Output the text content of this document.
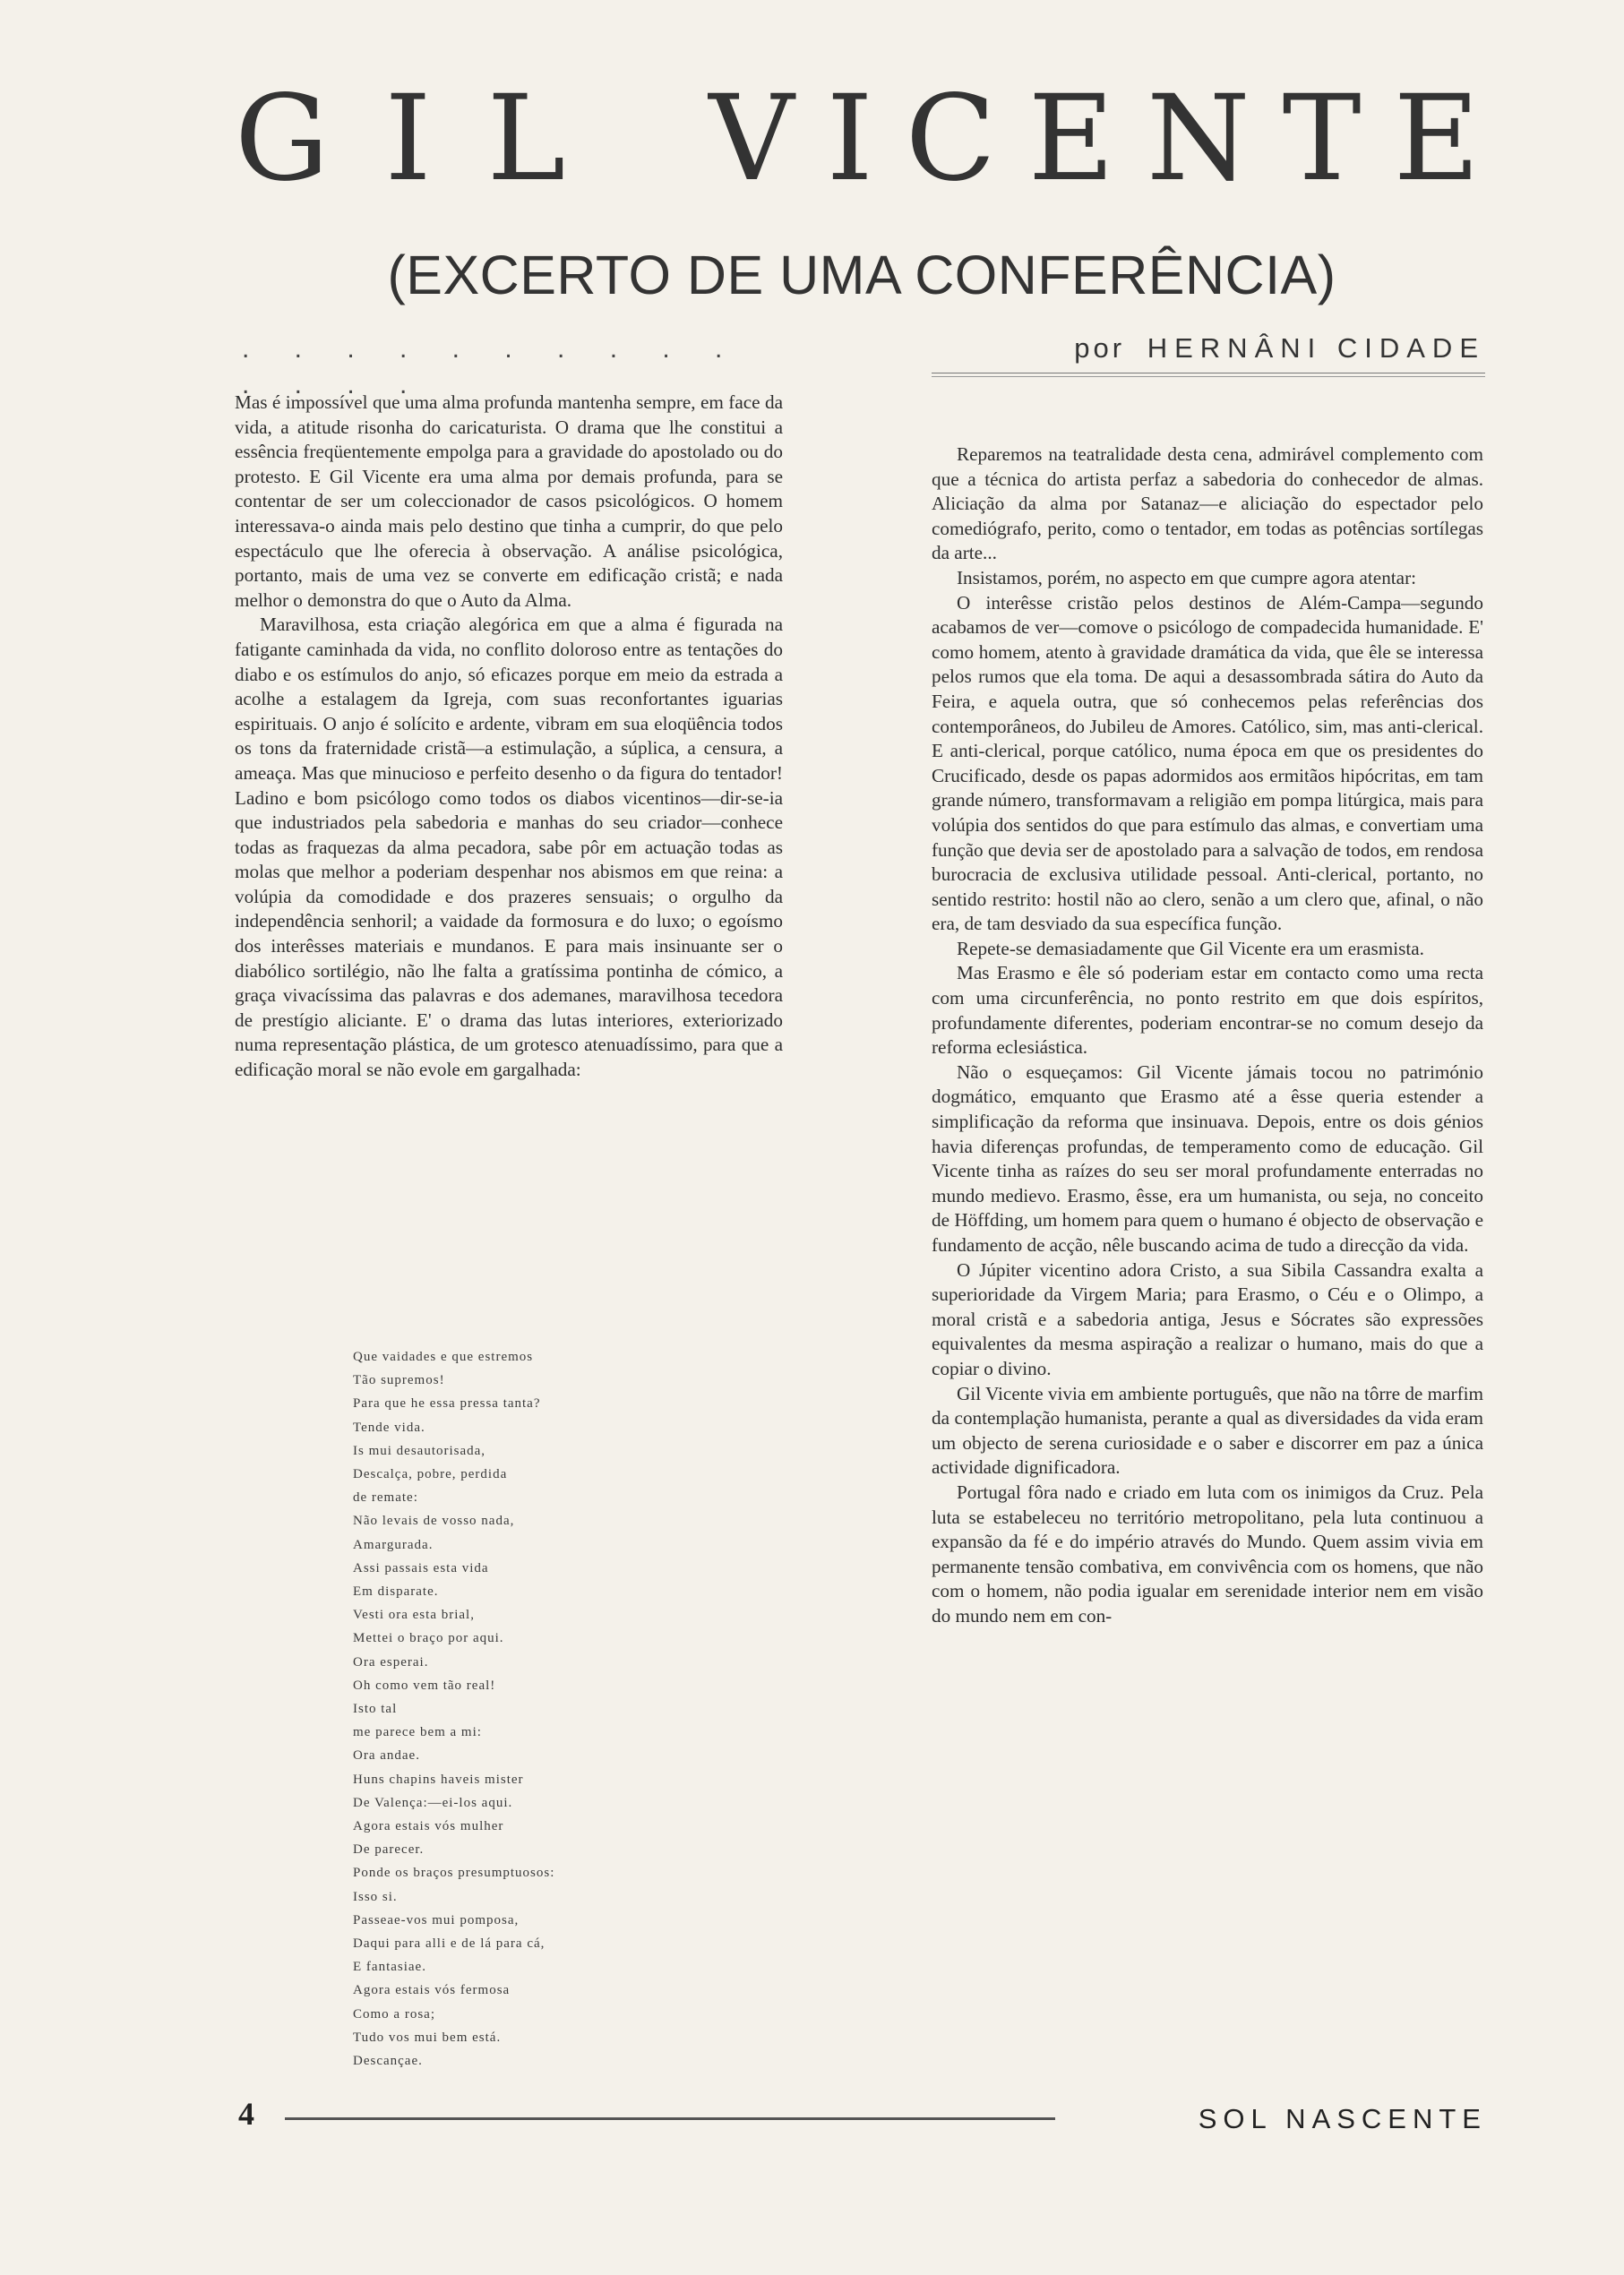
GIL VICENTE
(EXCERTO DE UMA CONFERÊNCIA)
. . . . . . . . . . . . . .
por HERNÂNI CIDADE

Mas é impossível que uma alma profunda mantenha sempre, em face da vida, a atitude risonha do caricaturista. O drama que lhe constitui a essência freqüentemente empolga para a gravidade do apostolado ou do protesto. E Gil Vicente era uma alma por demais profunda, para se contentar de ser um coleccionador de casos psicológicos. O homem interessava-o ainda mais pelo destino que tinha a cumprir, do que pelo espectáculo que lhe oferecia à observação. A análise psicológica, portanto, mais de uma vez se converte em edificação cristã; e nada melhor o demonstra do que o Auto da Alma.

Maravilhosa, esta criação alegórica em que a alma é figurada na fatigante caminhada da vida, no conflito doloroso entre as tentações do diabo e os estímulos do anjo, só eficazes porque em meio da estrada a acolhe a estalagem da Igreja, com suas reconfortantes iguarias espirituais. O anjo é solícito e ardente, vibram em sua eloqüência todos os tons da fraternidade cristã—a estimulação, a súplica, a censura, a ameaça. Mas que minucioso e perfeito desenho o da figura do tentador! Ladino e bom psicólogo como todos os diabos vicentinos—dir-se-ia que industriados pela sabedoria e manhas do seu criador—conhece todas as fraquezas da alma pecadora, sabe pôr em actuação todas as molas que melhor a poderiam despenhar nos abismos em que reina: a volúpia da comodidade e dos prazeres sensuais; o orgulho da independência senhoril; a vaidade da formosura e do luxo; o egoísmo dos interêsses materiais e mundanos. E para mais insinuante ser o diabólico sortilégio, não lhe falta a gratíssima pontinha de cómico, a graça vivacíssima das palavras e dos ademanes, maravilhosa tecedora de prestígio aliciante. E' o drama das lutas interiores, exteriorizado numa representação plástica, de um grotesco atenuadíssimo, para que a edificação moral se não evole em gargalhada:

Que vaidades e que estremos
Tão supremos!
Para que he essa pressa tanta?
Tende vida.
Is mui desautorisada,
Descalça, pobre, perdida
de remate:
Não levais de vosso nada,
Amargurada.
Assi passais esta vida
Em disparate.
Vesti ora esta brial,
Mettei o braço por aqui.
Ora esperai.
Oh como vem tão real!
Isto tal
me parece bem a mi:
Ora andae.
Huns chapins haveis mister
De Valença:—ei-los aqui.
Agora estais vós mulher
De parecer.
Ponde os braços presumptuosos:
Isso si.
Passeae-vos mui pomposa,
Daqui para alli e de lá para cá,
E fantasiae.
Agora estais vós fermosa
Como a rosa;
Tudo vos mui bem está.
Descançae.

Reparemos na teatralidade desta cena, admirável complemento com que a técnica do artista perfaz a sabedoria do conhecedor de almas. Aliciação da alma por Satanaz—e aliciação do espectador pelo comediógrafo, perito, como o tentador, em todas as potências sortílegas da arte...

Insistamos, porém, no aspecto em que cumpre agora atentar:

O interêsse cristão pelos destinos de Além-Campa—segundo acabamos de ver—comove o psicólogo de compadecida humanidade. E' como homem, atento à gravidade dramática da vida, que êle se interessa pelos rumos que ela toma. De aqui a desassombrada sátira do Auto da Feira, e aquela outra, que só conhecemos pelas referências dos contemporâneos, do Jubileu de Amores. Católico, sim, mas anti-clerical. E anti-clerical, porque católico, numa época em que os presidentes do Crucificado, desde os papas adormidos aos ermitãos hipócritas, em tam grande número, transformavam a religião em pompa litúrgica, mais para volúpia dos sentidos do que para estímulo das almas, e convertiam uma função que devia ser de apostolado para a salvação de todos, em rendosa burocracia de exclusiva utilidade pessoal. Anti-clerical, portanto, no sentido restrito: hostil não ao clero, senão a um clero que, afinal, o não era, de tam desviado da sua específica função.

Repete-se demasiadamente que Gil Vicente era um erasmista.

Mas Erasmo e êle só poderiam estar em contacto como uma recta com uma circunferência, no ponto restrito em que dois espíritos, profundamente diferentes, poderiam encontrar-se no comum desejo da reforma eclesiástica.

Não o esqueçamos: Gil Vicente jámais tocou no património dogmático, emquanto que Erasmo até a êsse queria estender a simplificação da reforma que insinuava. Depois, entre os dois génios havia diferenças profundas, de temperamento como de educação. Gil Vicente tinha as raízes do seu ser moral profundamente enterradas no mundo medievo. Erasmo, êsse, era um humanista, ou seja, no conceito de Höffding, um homem para quem o humano é objecto de observação e fundamento de acção, nêle buscando acima de tudo a direcção da vida.

O Júpiter vicentino adora Cristo, a sua Sibila Cassandra exalta a superioridade da Virgem Maria; para Erasmo, o Céu e o Olimpo, a moral cristã e a sabedoria antiga, Jesus e Sócrates são expressões equivalentes da mesma aspiração a realizar o humano, mais do que a copiar o divino.

Gil Vicente vivia em ambiente português, que não na tôrre de marfim da contemplação humanista, perante a qual as diversidades da vida eram um objecto de serena curiosidade e o saber e discorrer em paz a única actividade dignificadora.

Portugal fôra nado e criado em luta com os inimigos da Cruz. Pela luta se estabeleceu no território metropolitano, pela luta continuou a expansão da fé e do império através do Mundo. Quem assim vivia em permanente tensão combativa, em convivência com os homens, que não com o homem, não podia igualar em serenidade interior nem em visão do mundo nem em con-

4	SOL NASCENTE
